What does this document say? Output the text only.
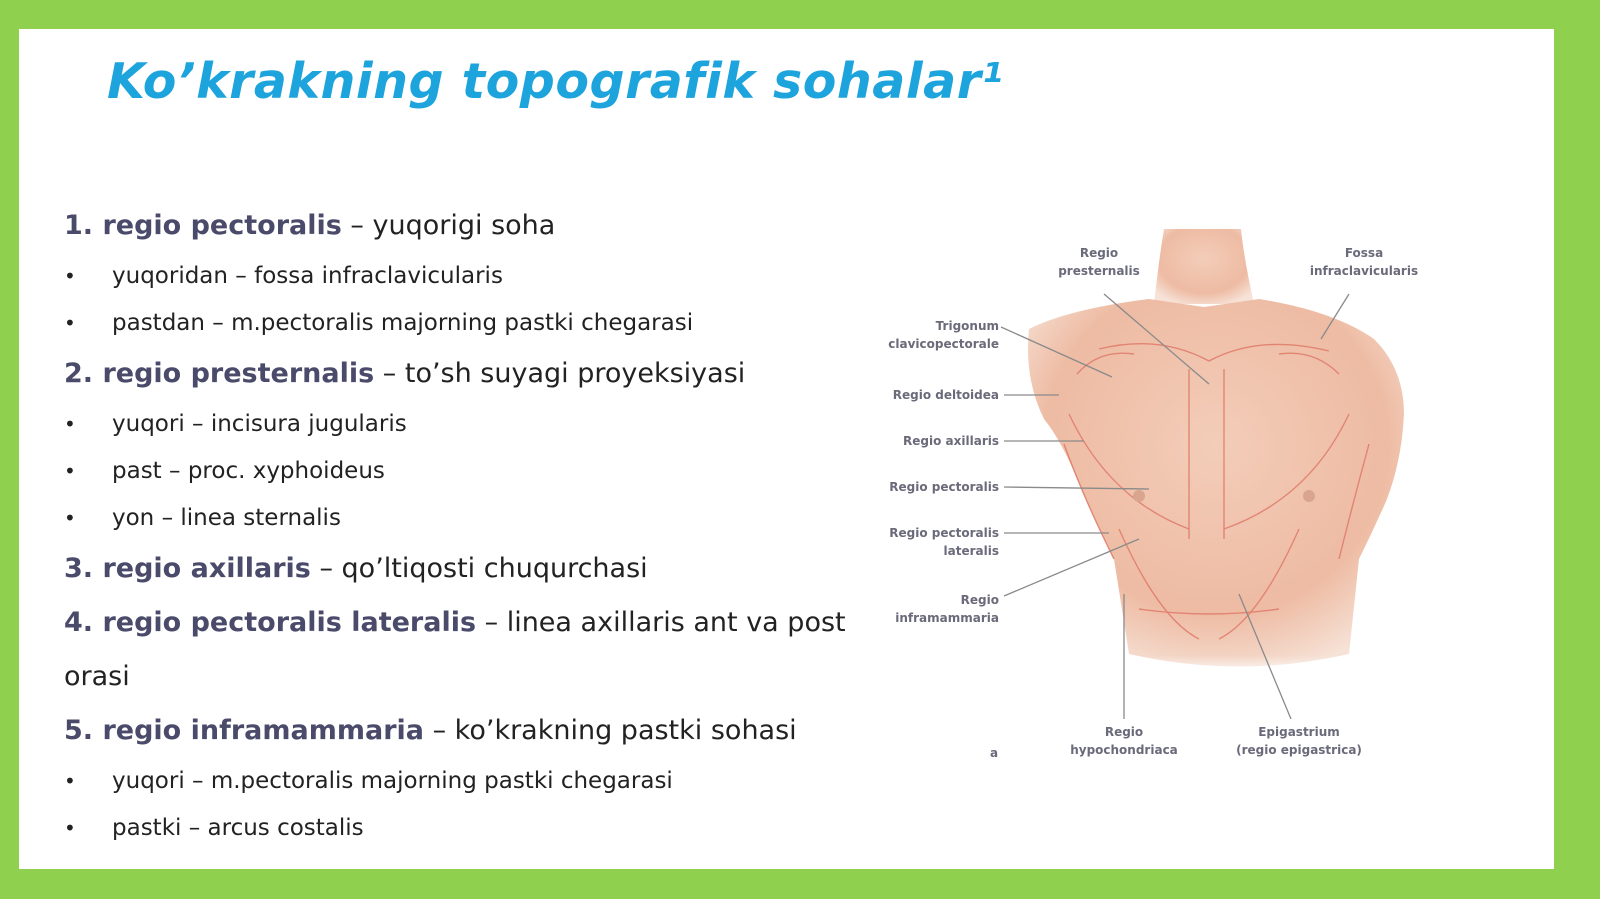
Ko’krakning topografik sohalar¹
1. regio pectoralis – yuqorigi soha
• yuqoridan – fossa infraclavicularis
• pastdan – m.pectoralis majorning pastki chegarasi
2. regio presternalis – to’sh suyagi proyeksiyasi
• yuqori – incisura jugularis
• past – proc. xyphoideus
• yon – linea sternalis
3. regio axillaris – qo’ltiqosti chuqurchasi
4. regio pectoralis lateralis – linea axillaris ant va post orasi
5. regio inframammaria – ko’krakning pastki sohasi
• yuqori – m.pectoralis majorning pastki chegarasi
• pastki – arcus costalis
Regio
presternalis
Fossa
infraclavicularis
Trigonum
clavicopectorale
Regio deltoidea
Regio axillaris
Regio pectoralis
Regio pectoralis
lateralis
Regio
inframammaria
Regio
hypochondriaca
Epigastrium
(regio epigastrica)
a
